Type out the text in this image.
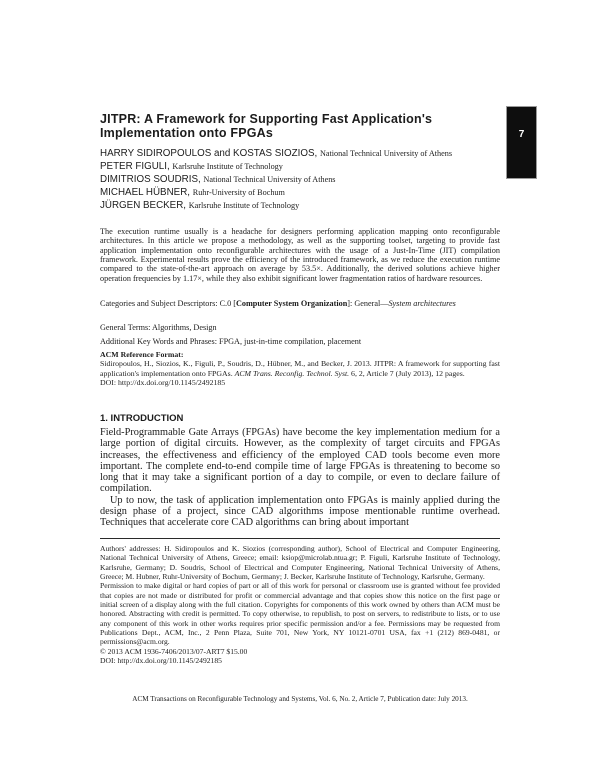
7
JITPR: A Framework for Supporting Fast Application's Implementation onto FPGAs
HARRY SIDIROPOULOS and KOSTAS SIOZIOS, National Technical University of Athens
PETER FIGULI, Karlsruhe Institute of Technology
DIMITRIOS SOUDRIS, National Technical University of Athens
MICHAEL HÜBNER, Ruhr-University of Bochum
JÜRGEN BECKER, Karlsruhe Institute of Technology
The execution runtime usually is a headache for designers performing application mapping onto reconfigurable architectures. In this article we propose a methodology, as well as the supporting toolset, targeting to provide fast application implementation onto reconfigurable architectures with the usage of a Just-In-Time (JIT) compilation framework. Experimental results prove the efficiency of the introduced framework, as we reduce the execution runtime compared to the state-of-the-art approach on average by 53.5×. Additionally, the derived solutions achieve higher operation frequencies by 1.17×, while they also exhibit significant lower fragmentation ratios of hardware resources.
Categories and Subject Descriptors: C.0 [Computer System Organization]: General—System architectures
General Terms: Algorithms, Design
Additional Key Words and Phrases: FPGA, just-in-time compilation, placement
ACM Reference Format:
Sidiropoulos, H., Siozios, K., Figuli, P., Soudris, D., Hübner, M., and Becker, J. 2013. JITPR: A framework for supporting fast application's implementation onto FPGAs. ACM Trans. Reconfig. Technol. Syst. 6, 2, Article 7 (July 2013), 12 pages.
DOI: http://dx.doi.org/10.1145/2492185
1. INTRODUCTION

Field-Programmable Gate Arrays (FPGAs) have become the key implementation medium for a large portion of digital circuits. However, as the complexity of target circuits and FPGAs increases, the effectiveness and efficiency of the employed CAD tools become even more important. The complete end-to-end compile time of large FPGAs is threatening to become so long that it may take a significant portion of a day to compile, or even to declare failure of compilation.

Up to now, the task of application implementation onto FPGAs is mainly applied during the design phase of a project, since CAD algorithms impose mentionable runtime overhead. Techniques that accelerate core CAD algorithms can bring about important

Authors' addresses: H. Sidiropoulos and K. Siozios (corresponding author), School of Electrical and Computer Engineering, National Technical University of Athens, Greece; email: ksiop@microlab.ntua.gr; P. Figuli, Karlsruhe Institute of Technology, Karlsruhe, Germany; D. Soudris, School of Electrical and Computer Engineering, National Technical University of Athens, Greece; M. Hubner, Ruhr-University of Bochum, Germany; J. Becker, Karlsruhe Institute of Technology, Karlsruhe, Germany.

Permission to make digital or hard copies of part or all of this work for personal or classroom use is granted without fee provided that copies are not made or distributed for profit or commercial advantage and that copies show this notice on the first page or initial screen of a display along with the full citation. Copyrights for components of this work owned by others than ACM must be honored. Abstracting with credit is permitted. To copy otherwise, to republish, to post on servers, to redistribute to lists, or to use any component of this work in other works requires prior specific permission and/or a fee. Permissions may be requested from Publications Dept., ACM, Inc., 2 Penn Plaza, Suite 701, New York, NY 10121-0701 USA, fax +1 (212) 869-0481, or permissions@acm.org.

© 2013 ACM 1936-7406/2013/07-ART7 $15.00

DOI: http://dx.doi.org/10.1145/2492185

ACM Transactions on Reconfigurable Technology and Systems, Vol. 6, No. 2, Article 7, Publication date: July 2013.
